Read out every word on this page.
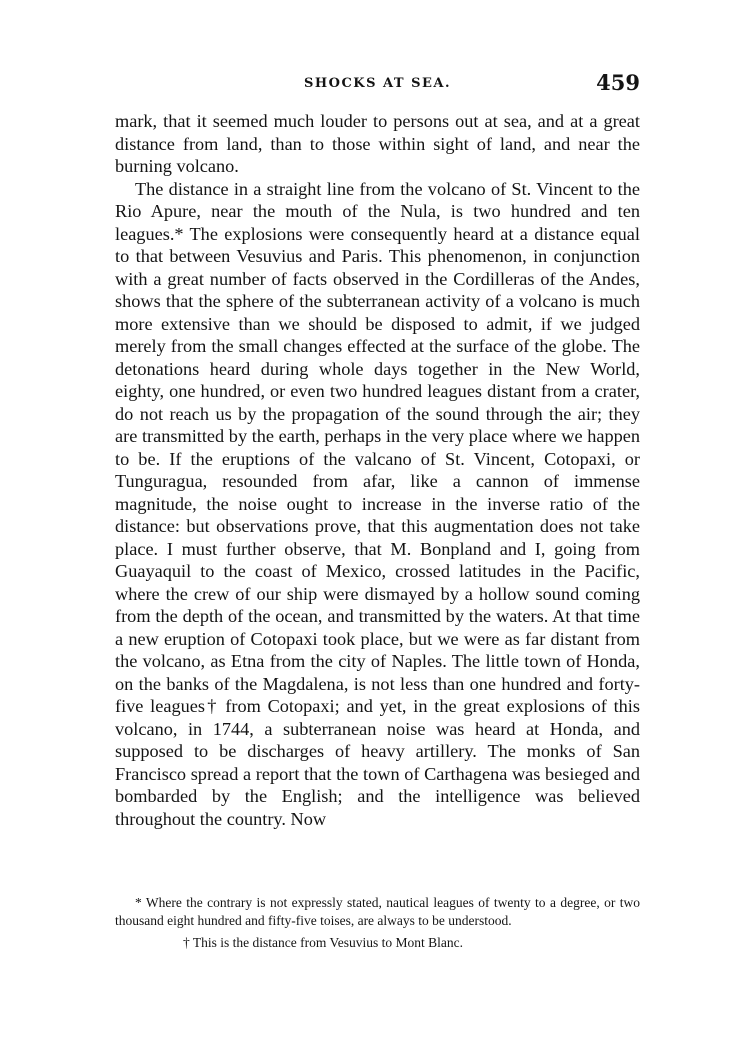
SHOCKS AT SEA.	459

mark, that it seemed much louder to persons out at sea, and at a great distance from land, than to those within sight of land, and near the burning volcano.

The distance in a straight line from the volcano of St. Vincent to the Rio Apure, near the mouth of the Nula, is two hundred and ten leagues.* The explosions were consequently heard at a distance equal to that between Vesuvius and Paris. This phenomenon, in conjunction with a great number of facts observed in the Cordilleras of the Andes, shows that the sphere of the subterranean activity of a volcano is much more extensive than we should be disposed to admit, if we judged merely from the small changes effected at the surface of the globe. The detonations heard during whole days together in the New World, eighty, one hundred, or even two hundred leagues distant from a crater, do not reach us by the propagation of the sound through the air; they are transmitted by the earth, perhaps in the very place where we happen to be. If the eruptions of the valcano of St. Vincent, Cotopaxi, or Tunguragua, resounded from afar, like a cannon of immense magnitude, the noise ought to increase in the inverse ratio of the distance: but observations prove, that this augmentation does not take place. I must further observe, that M. Bonpland and I, going from Guayaquil to the coast of Mexico, crossed latitudes in the Pacific, where the crew of our ship were dismayed by a hollow sound coming from the depth of the ocean, and transmitted by the waters. At that time a new eruption of Cotopaxi took place, but we were as far distant from the volcano, as Etna from the city of Naples. The little town of Honda, on the banks of the Magdalena, is not less than one hundred and forty-five leagues† from Cotopaxi; and yet, in the great explosions of this volcano, in 1744, a subterranean noise was heard at Honda, and supposed to be discharges of heavy artillery. The monks of San Francisco spread a report that the town of Carthagena was besieged and bombarded by the English; and the intelligence was believed throughout the country. Now

* Where the contrary is not expressly stated, nautical leagues of twenty to a degree, or two thousand eight hundred and fifty-five toises, are always to be understood.

† This is the distance from Vesuvius to Mont Blanc.
